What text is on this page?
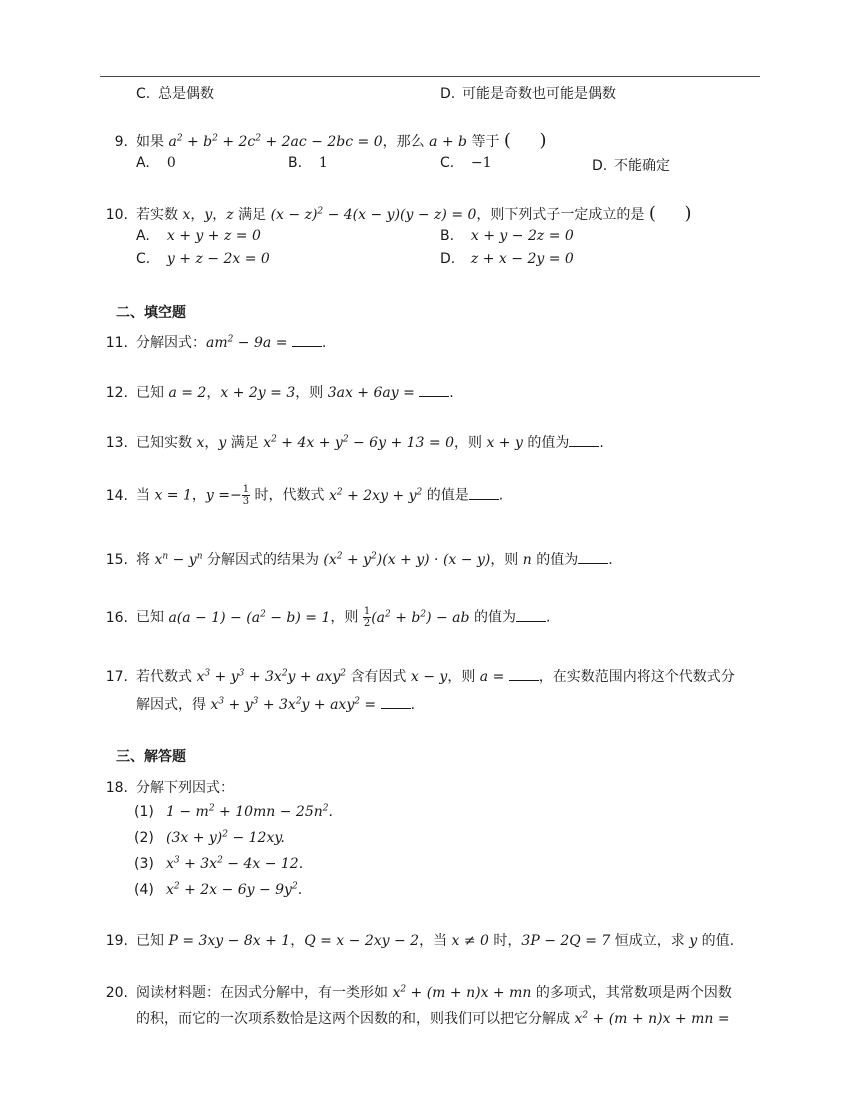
C. 总是偶数	D. 可能是奇数也可能是偶数
9. 如果 $a^2 + b^2 + 2c^2 + 2ac - 2bc = 0$，那么 a + b 等于 (     )
A. 0	B. 1	C. −1	D. 不能确定
10. 若实数 x，y，z 满足 $(x - z)^2 - 4(x - y)(y - z) = 0$，则下列式子一定成立的是 (     )
A. x + y + z = 0	B. x + y − 2z = 0
C. y + z − 2x = 0	D. z + x − 2y = 0
二、填空题
11. 分解因式：$am^2 - 9a$ = .
12. 已知 a = 2，x + 2y = 3，则 3ax + 6ay = .
13. 已知实数 x，y 满足 $x^2 + 4x + y^2 - 6y + 13 = 0$，则 x + y 的值为 .
14. 当 x = 1，$y =- \frac{1}{3}$ 时，代数式 $x^2 + 2xy + y^2$ 的值是 .
15. 将 $x^n - y^n$ 分解因式的结果为 $(x^2 + y^2)(x + y) \cdot (x - y)$，则 n 的值为 .
16. 已知 $a(a - 1) - (a^2 - b) = 1$，则 $\frac{1}{2} (a^2 + b^2)$ − ab 的值为 .
17. 若代数式 $x^3 + y^3 + 3x^2y + axy^2$ 含有因式 x − y，则 a = ，在实数范围内将这个代数式分
解因式，得 $x^3 + y^3 + 3x^2y + axy^2$ = .
三、解答题
18. 分解下列因式：
(1) $1 - m^2 + 10mn - 25n^2$.
(2) $(3x + y)^2 - 12xy$.
(3) $x^3 + 3x^2 - 4x - 12$.
(4) $x^2 + 2x - 6y - 9y^2$.
19. 已知 P = 3xy − 8x + 1，Q = x − 2xy − 2，当 x ≠ 0 时，3P − 2Q = 7 恒成立，求 y 的值.
20. 阅读材料题：在因式分解中，有一类形如 $x^2 + (m + n)x$ + mn 的多项式，其常数项是两个因数
的积，而它的一次项系数恰是这两个因数的和，则我们可以把它分解成 $x^2 + (m + n)x$ + mn =
